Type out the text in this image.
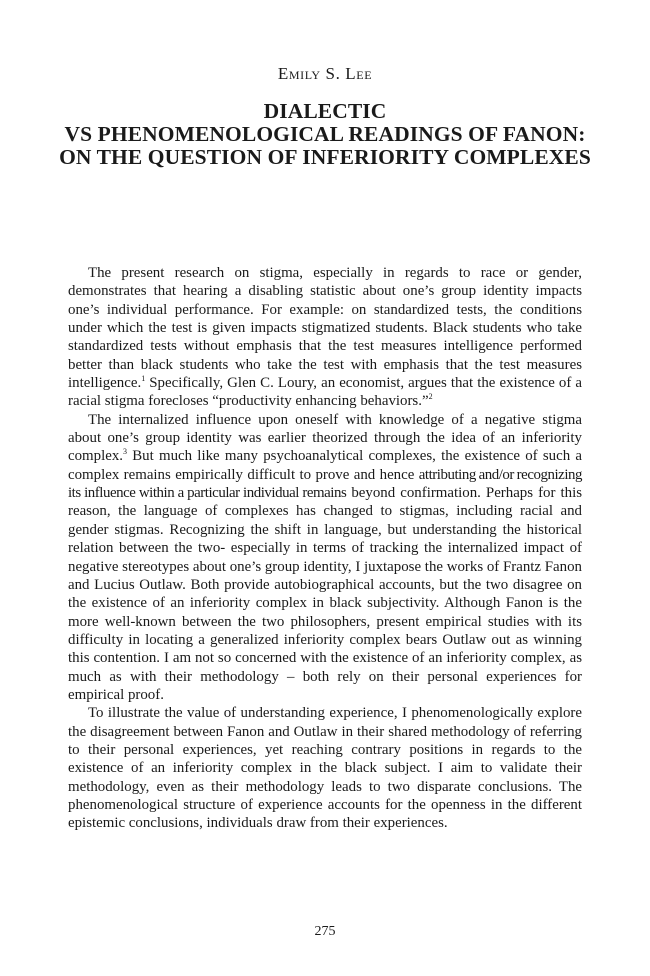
Emily S. Lee
DIALECTIC
VS PHENOMENOLOGICAL READINGS OF FANON:
ON THE QUESTION OF INFERIORITY COMPLEXES

The present research on stigma, especially in regards to race or gender, demonstrates that hearing a disabling statistic about one’s group identity impacts one’s individual performance. For example: on standardized tests, the conditions under which the test is given impacts stigmatized students. Black students who take standardized tests without emphasis that the test measures intelligence performed better than black students who take the test with emphasis that the test measures intelligence.$^1$ Specifically, Glen C. Loury, an economist, argues that the existence of a racial stigma forecloses “productivity enhancing behaviors.”$^2$

The internalized influence upon oneself with knowledge of a negative stigma about one’s group identity was earlier theorized through the idea of an inferiority complex.$^3$ But much like many psychoanalytical complexes, the existence of such a complex remains empirically difficult to prove and hence attributing and/or recognizing its influence within a particular individual remains beyond confirmation. Perhaps for this reason, the language of complexes has changed to stigmas, including racial and gender stigmas. Recognizing the shift in language, but understanding the historical relation between the two- especially in terms of tracking the internalized impact of negative stereotypes about one’s group identity, I juxtapose the works of Frantz Fanon and Lucius Outlaw. Both provide autobiographical accounts, but the two disagree on the existence of an inferiority complex in black subjectivity. Although Fanon is the more well-known between the two philosophers, present empirical studies with its difficulty in locating a generalized inferiority complex bears Outlaw out as winning this contention. I am not so concerned with the existence of an inferiority complex, as much as with their methodology – both rely on their personal experiences for empirical proof.

To illustrate the value of understanding experience, I phenomenologically explore the disagreement between Fanon and Outlaw in their shared methodology of referring to their personal experiences, yet reaching contrary positions in regards to the existence of an inferiority complex in the black subject. I aim to validate their methodology, even as their methodology leads to two disparate conclusions. The phenomenological structure of experience accounts for the openness in the different epistemic conclusions, individuals draw from their experiences.

275
